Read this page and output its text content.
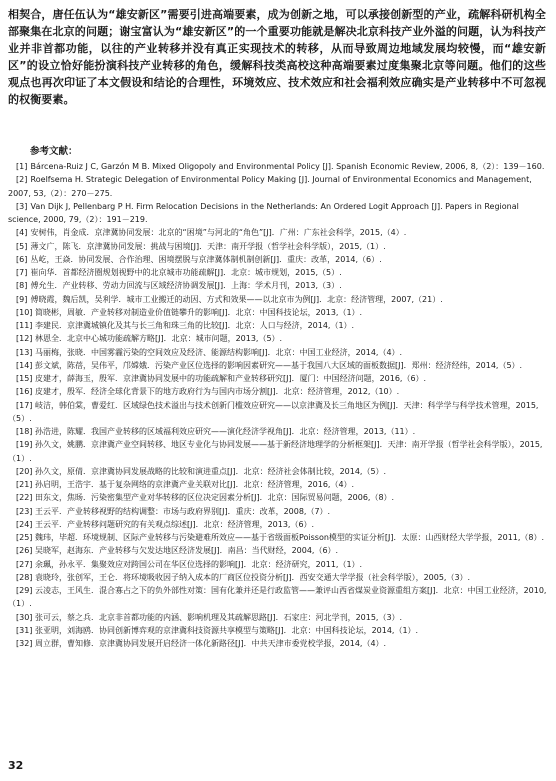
相契合，唐任伍认为“雄安新区”需要引进高端要素，成为创新之地，可以承接创新型的产业，疏解科研机构全部聚集在北京的问题；谢宝富认为“雄安新区”的一个重要功能就是解决北京科技产业外溢的问题，认为科技产业并非首都功能，以往的产业转移并没有真正实现技术的转移，从而导致周边地域发展均较慢，而“雄安新区”的设立恰好能扮演科技产业转移的角色，缓解科技类高校这种高端要素过度集聚北京等问题。他们的这些观点也再次印证了本文假设和结论的合理性，环境效应、技术效应和社会福利效应确实是产业转移中不可忽视的权衡要素。

参考文献：

[1] Bárcena-Ruiz J C, Garzón M B. Mixed Oligopoly and Environmental Policy [J]. Spanish Economic Review, 2006, 8,（2）：139－160.

[2] Roelfsema H. Strategic Delegation of Environmental Policy Making [J]. Journal of Environmental Economics and Management, 2007, 53,（2）：270－275.

[3] Van Dijk J, Pellenbarg P H. Firm Relocation Decisions in the Netherlands: An Ordered Logit Approach [J]. Papers in Regional science, 2000, 79,（2）：191－219.

[4] 安树伟，肖金成．京津冀协同发展：北京的“困境”与河北的“角色”[J]．广州：广东社会科学，2015,（4）.

[5] 薄文广，陈飞．京津冀协同发展：挑战与困境[J]．天津：南开学报（哲学社会科学版），2015,（1）.

[6] 丛屹，王焱．协同发展、合作治理、困境摆脱与京津冀体制机制创新[J]．重庆：改革，2014,（6）.

[7] 崔向华．首都经济圈规划视野中的北京城市功能疏解[J]．北京：城市规划，2015,（5）.

[8] 傅允生．产业转移、劳动力回流与区域经济协调发展[J]．上海：学术月刊，2013,（3）.

[9] 傅晓霞，魏后凯，吴利学．城市工业搬迁的动因、方式和效果——以北京市为例[J]．北京：经济管理，2007,（21）.

[10] 简晓彬，周敏．产业转移对制造业价值链攀升的影响[J]．北京：中国科技论坛，2013,（1）.

[11] 李建民．京津冀城镇化及其与长三角和珠三角的比较[J]．北京：人口与经济，2014,（1）.

[12] 林恩全．北京中心城功能疏解方略[J]．北京：城市问题，2013,（5）.

[13] 马丽梅，张晓．中国雾霾污染的空间效应及经济、能源结构影响[J]．北京：中国工业经济，2014,（4）.

[14] 彭文斌，陈蓓，吴伟平，邝嫦娥．污染产业区位选择的影响因素研究——基于我国八大区域的面板数据[J]．郑州：经济经纬，2014,（5）.

[15] 皮建才，薛海玉，殷军．京津冀协同发展中的功能疏解和产业转移研究[J]．厦门：中国经济问题，2016,（6）.

[16] 皮建才，殷军．经济全球化背景下的地方政府行为与国内市场分割[J]．北京：经济管理，2012,（10）.

[17] 岐洁，韩伯棠，曹爱红．区域绿色技术溢出与技术创新门槛效应研究——以京津冀及长三角地区为例[J]．天津：科学学与科学技术管理，2015,（5）.

[18] 孙浩进，陈耀．我国产业转移的区域福利效应研究——演化经济学视角[J]．北京：经济管理，2013,（11）.

[19] 孙久文，姚鹏．京津冀产业空间转移、地区专业化与协同发展——基于新经济地理学的分析框架[J]．天津：南开学报（哲学社会科学版），2015,（1）.

[20] 孙久文，原倩．京津冀协同发展战略的比较和演进重点[J]．北京：经济社会体制比较，2014,（5）.

[21] 孙启明，王浩宇．基于复杂网络的京津冀产业关联对比[J]．北京：经济管理，2016,（4）.

[22] 田东文，焦旸．污染密集型产业对华转移的区位决定因素分析[J]．北京：国际贸易问题，2006,（8）.

[23] 王云平．产业转移视野的结构调整：市场与政府界别[J]．重庆：改革，2008,（7）.

[24] 王云平．产业转移问题研究的有关观点综述[J]．北京：经济管理，2013,（6）.

[25] 魏玮，毕超．环境规制、区际产业转移与污染避难所效应——基于省级面板Poisson模型的实证分析[J]．太原：山西财经大学学报，2011,（8）.

[26] 吴晓军，赵海东．产业转移与欠发达地区经济发展[J]．南昌：当代财经，2004,（6）.

[27] 余珮，孙永平．集聚效应对跨国公司在华区位选择的影响[J]．北京：经济研究，2011,（1）.

[28] 袁晓玲，张创军，王仑．将环境吸收因子纳入成本的厂商区位投资分析[J]．西安交通大学学报（社会科学版），2005,（3）.

[29] 云凌志，王风生．混合寡占之下的负外部性对策：国有化兼并还是行政监管——兼评山西省煤炭业资源重组方案[J]．北京：中国工业经济，2010,（1）.

[30] 张可云，蔡之兵．北京非首都功能的内涵、影响机理及其疏解思路[J]．石家庄：河北学刊，2015,（3）.

[31] 张亚明，刘海鸥．协同创新博弈观的京津冀科技资源共享模型与策略[J]．北京：中国科技论坛，2014,（1）.

[32] 周立群，曹知修．京津冀协同发展开启经济一体化新路径[J]．中共天津市委党校学报，2014,（4）.

32
